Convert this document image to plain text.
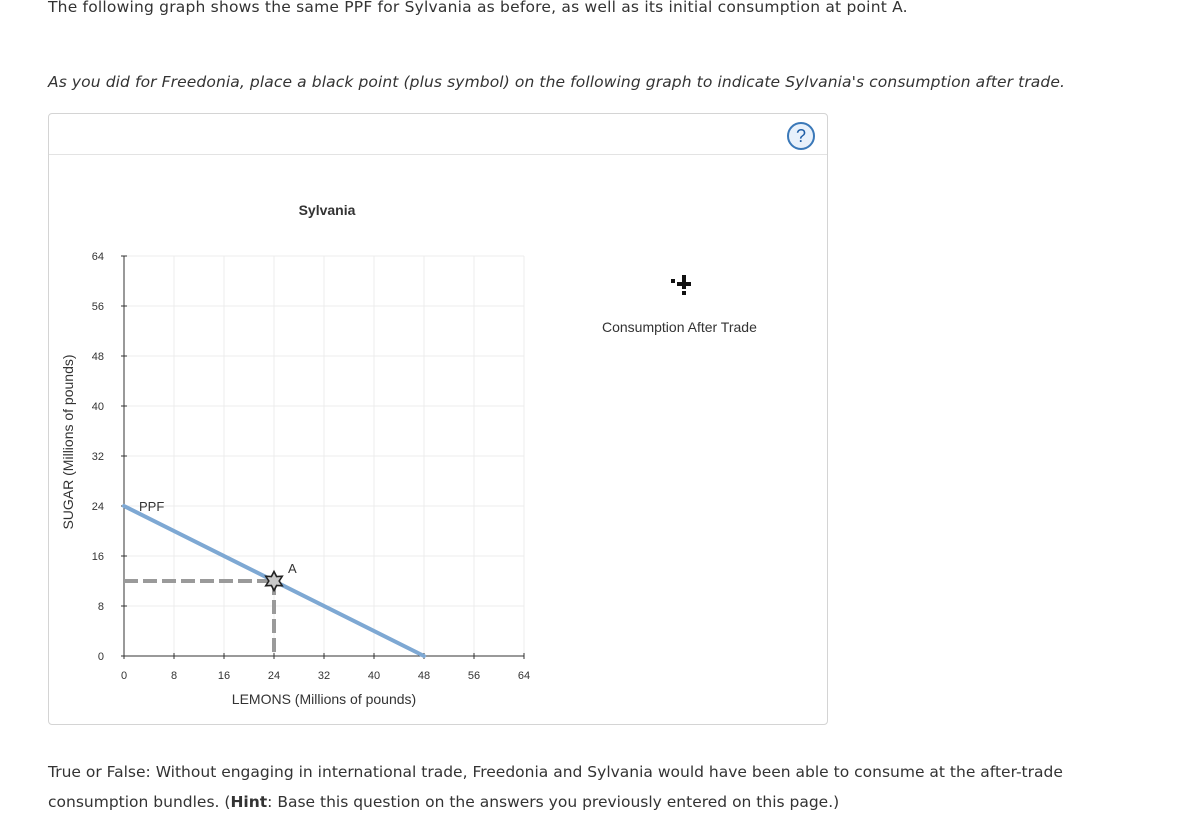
The following graph shows the same PPF for Sylvania as before, as well as its initial consumption at point A.
As you did for Freedonia, place a black point (plus symbol) on the following graph to indicate Sylvania's consumption after trade.
?
Sylvania
0	8	16	24	32	40	48	56	64
0
8
16
24
32
40
48
56
64
PPF
A
LEMONS (Millions of pounds)
SUGAR (Millions of pounds)
Consumption After Trade
True or False: Without engaging in international trade, Freedonia and Sylvania would have been able to consume at the after-trade consumption bundles. (Hint: Base this question on the answers you previously entered on this page.)
